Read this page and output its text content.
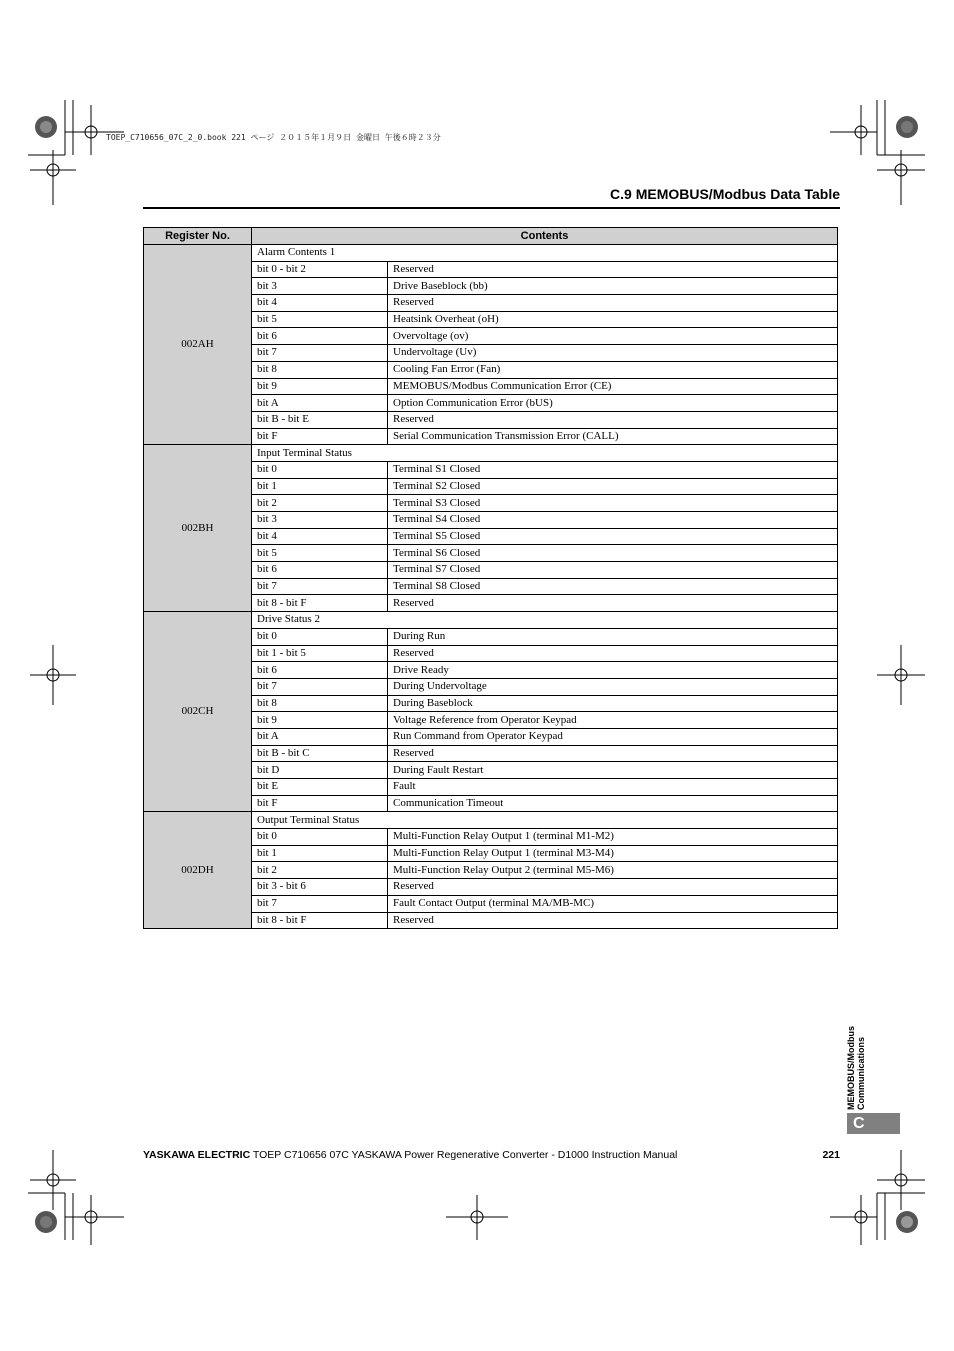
TOEP_C710656_07C_2_0.book 221 ページ ２０１５年１月９日 金曜日 午後６時２３分
C.9 MEMOBUS/Modbus Data Table
Register No.	Contents	
002AH	Alarm Contents 1	
	bit 0 - bit 2	Reserved
	bit 3	Drive Baseblock (bb)
	bit 4	Reserved
	bit 5	Heatsink Overheat (oH)
	bit 6	Overvoltage (ov)
	bit 7	Undervoltage (Uv)
	bit 8	Cooling Fan Error (Fan)
	bit 9	MEMOBUS/Modbus Communication Error (CE)
	bit A	Option Communication Error (bUS)
	bit B - bit E	Reserved
	bit F	Serial Communication Transmission Error (CALL)
002BH	Input Terminal Status	
	bit 0	Terminal S1 Closed
	bit 1	Terminal S2 Closed
	bit 2	Terminal S3 Closed
	bit 3	Terminal S4 Closed
	bit 4	Terminal S5 Closed
	bit 5	Terminal S6 Closed
	bit 6	Terminal S7 Closed
	bit 7	Terminal S8 Closed
	bit 8 - bit F	Reserved
002CH	Drive Status 2	
	bit 0	During Run
	bit 1 - bit 5	Reserved
	bit 6	Drive Ready
	bit 7	During Undervoltage
	bit 8	During Baseblock
	bit 9	Voltage Reference from Operator Keypad
	bit A	Run Command from Operator Keypad
	bit B - bit C	Reserved
	bit D	During Fault Restart
	bit E	Fault
	bit F	Communication Timeout
002DH	Output Terminal Status	
	bit 0	Multi-Function Relay Output 1 (terminal M1-M2)
	bit 1	Multi-Function Relay Output 1 (terminal M3-M4)
	bit 2	Multi-Function Relay Output 2 (terminal M5-M6)
	bit 3 - bit 6	Reserved
	bit 7	Fault Contact Output (terminal MA/MB-MC)
	bit 8 - bit F	Reserved
YASKAWA ELECTRIC TOEP C710656 07C YASKAWA Power Regenerative Converter - D1000 Instruction Manual	221
MEMOBUS/Modbus Communications
C
